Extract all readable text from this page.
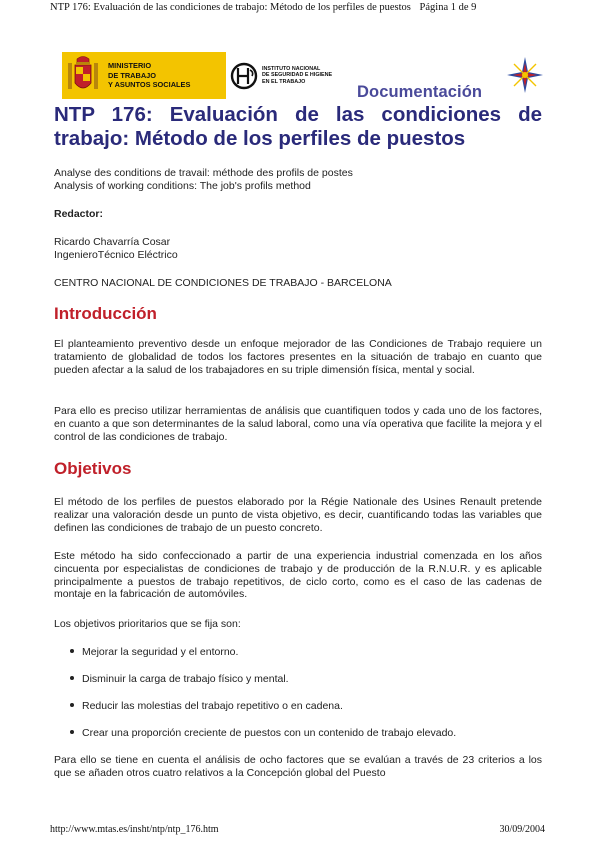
NTP 176: Evaluación de las condiciones de trabajo: Método de los perfiles de puestos Página 1 de 9
MINISTERIO
DE TRABAJO
Y ASUNTOS SOCIALES
INSTITUTO NACIONAL
DE SEGURIDAD E HIGIENE
EN EL TRABAJO
Documentación
NTP 176: Evaluación de las condiciones de trabajo: Método de los perfiles de puestos

Analyse des conditions de travail: méthode des profils de postes

Analysis of working conditions: The job's profils method

Redactor:

Ricardo Chavarría Cosar

IngenieroTécnico Eléctrico

CENTRO NACIONAL DE CONDICIONES DE TRABAJO - BARCELONA
Introducción

El planteamiento preventivo desde un enfoque mejorador de las Condiciones de Trabajo requiere un tratamiento de globalidad de todos los factores presentes en la situación de trabajo en cuanto que pueden afectar a la salud de los trabajadores en su triple dimensión física, mental y social.

Para ello es preciso utilizar herramientas de análisis que cuantifiquen todos y cada uno de los factores, en cuanto a que son determinantes de la salud laboral, como una vía operativa que facilite la mejora y el control de las condiciones de trabajo.

Objetivos

El método de los perfiles de puestos elaborado por la Régie Nationale des Usines Renault pretende realizar una valoración desde un punto de vista objetivo, es decir, cuantificando todas las variables que definen las condiciones de trabajo de un puesto concreto.

Este método ha sido confeccionado a partir de una experiencia industrial comenzada en los años cincuenta por especialistas de condiciones de trabajo y de producción de la R.N.U.R. y es aplicable principalmente a puestos de trabajo repetitivos, de ciclo corto, como es el caso de las cadenas de montaje en la fabricación de automóviles.

Los objetivos prioritarios que se fija son:
Mejorar la seguridad y el entorno.
Disminuir la carga de trabajo físico y mental.
Reducir las molestias del trabajo repetitivo o en cadena.
Crear una proporción creciente de puestos con un contenido de trabajo elevado.

Para ello se tiene en cuenta el análisis de ocho factores que se evalúan a través de 23 criterios a los que se añaden otros cuatro relativos a la Concepción global del Puesto

http://www.mtas.es/insht/ntp/ntp_176.htm	30/09/2004
